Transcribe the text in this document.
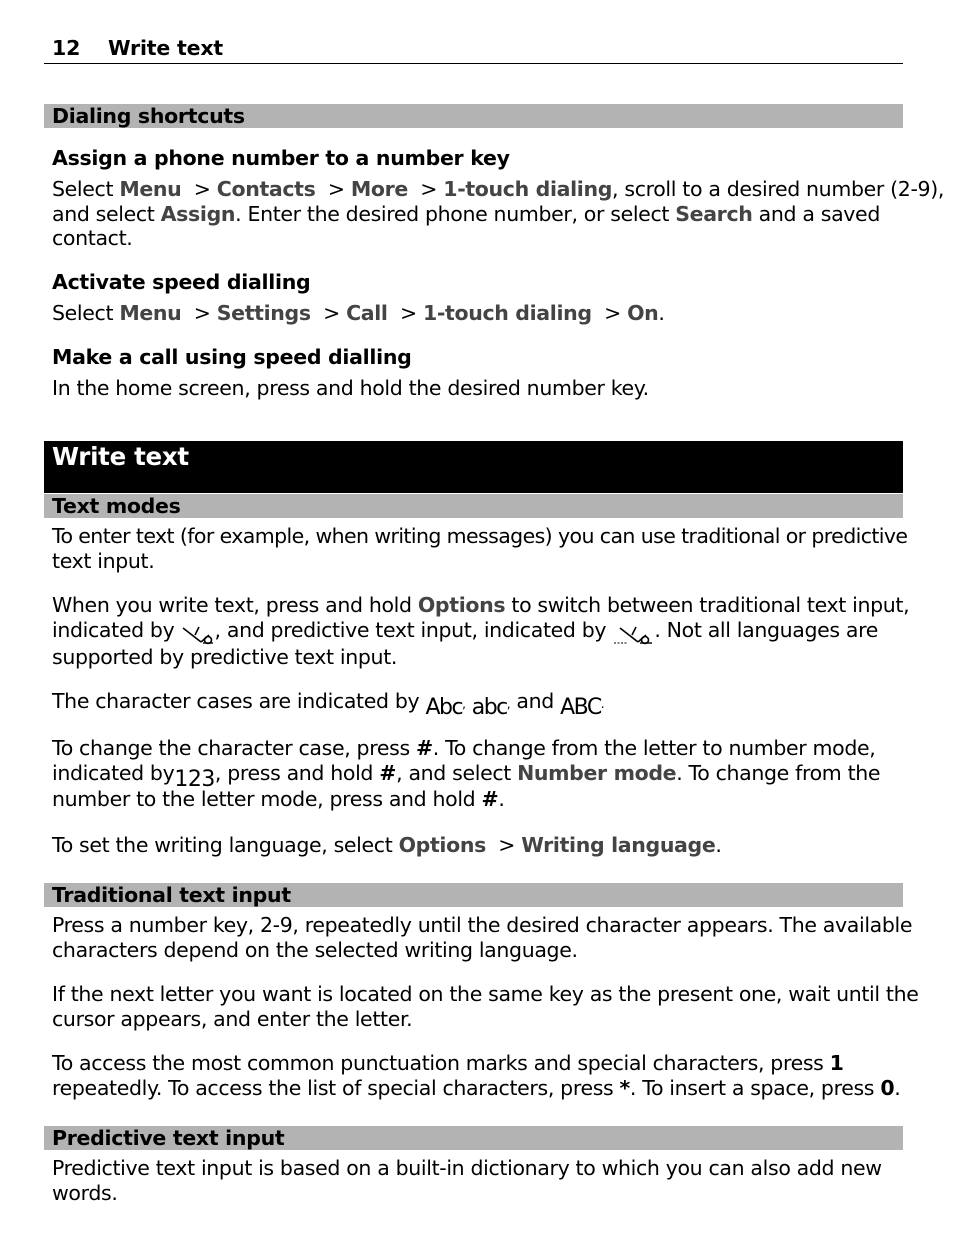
12 Write text
Dialing shortcuts
Assign a phone number to a number key
Select Menu > Contacts > More > 1-touch dialing, scroll to a desired number (2-9),
and select Assign. Enter the desired phone number, or select Search and a saved
contact.
Activate speed dialling
Select Menu > Settings > Call > 1-touch dialing > On.
Make a call using speed dialling
In the home screen, press and hold the desired number key.
Write text
Text modes
To enter text (for example, when writing messages) you can use traditional or predictive
text input.
When you write text, press and hold Options to switch between traditional text input,
indicated by , and predictive text input, indicated by . Not all languages are
supported by predictive text input.
The character cases are indicated by Abc, abc, and ABC.
To change the character case, press #. To change from the letter to number mode,
indicated by123, press and hold #, and select Number mode. To change from the
number to the letter mode, press and hold #.
To set the writing language, select Options > Writing language.
Traditional text input
Press a number key, 2-9, repeatedly until the desired character appears. The available
characters depend on the selected writing language.
If the next letter you want is located on the same key as the present one, wait until the
cursor appears, and enter the letter.
To access the most common punctuation marks and special characters, press 1
repeatedly. To access the list of special characters, press *. To insert a space, press 0.
Predictive text input
Predictive text input is based on a built-in dictionary to which you can also add new
words.
